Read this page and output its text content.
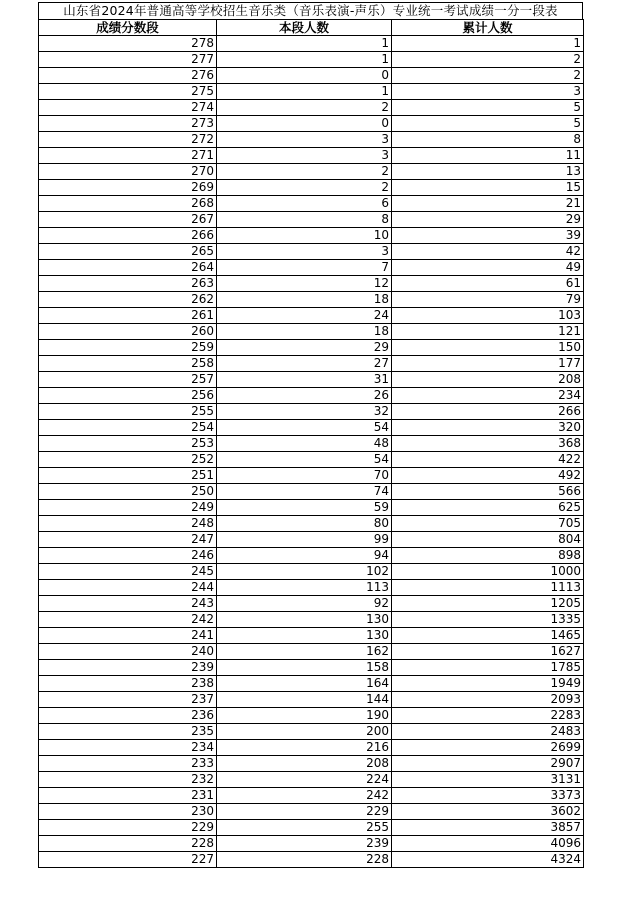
山东省2024年普通高等学校招生音乐类（音乐表演-声乐）专业统一考试成绩一分一段表
成绩分数段	本段人数	累计人数
278	1	1
277	1	2
276	0	2
275	1	3
274	2	5
273	0	5
272	3	8
271	3	11
270	2	13
269	2	15
268	6	21
267	8	29
266	10	39
265	3	42
264	7	49
263	12	61
262	18	79
261	24	103
260	18	121
259	29	150
258	27	177
257	31	208
256	26	234
255	32	266
254	54	320
253	48	368
252	54	422
251	70	492
250	74	566
249	59	625
248	80	705
247	99	804
246	94	898
245	102	1000
244	113	1113
243	92	1205
242	130	1335
241	130	1465
240	162	1627
239	158	1785
238	164	1949
237	144	2093
236	190	2283
235	200	2483
234	216	2699
233	208	2907
232	224	3131
231	242	3373
230	229	3602
229	255	3857
228	239	4096
227	228	4324
